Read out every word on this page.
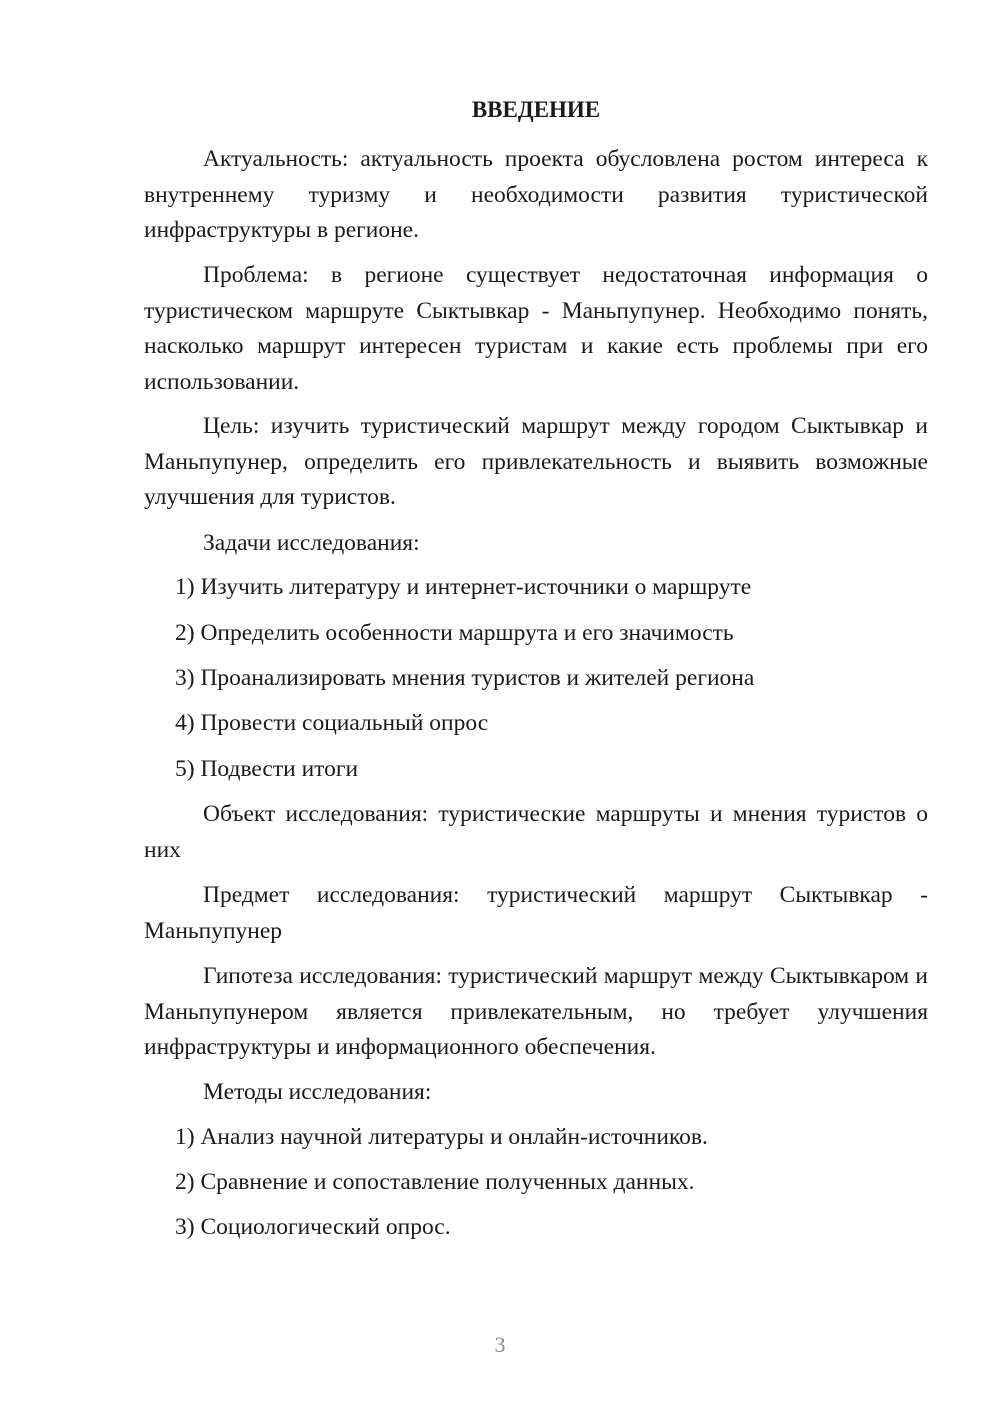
ВВЕДЕНИЕ

Актуальность: актуальность проекта обусловлена ростом интереса к внутреннему туризму и необходимости развития туристической инфраструктуры в регионе.

Проблема: в регионе существует недостаточная информация о туристическом маршруте Сыктывкар - Маньпупунер. Необходимо понять, насколько маршрут интересен туристам и какие есть проблемы при его использовании.

Цель: изучить туристический маршрут между городом Сыктывкар и Маньпупунер, определить его привлекательность и выявить возможные улучшения для туристов.

Задачи исследования:

1) Изучить литературу и интернет-источники о маршруте
2) Определить особенности маршрута и его значимость
3) Проанализировать мнения туристов и жителей региона
4) Провести социальный опрос
5) Подвести итоги

Объект исследования: туристические маршруты и мнения туристов о них

Предмет исследования: туристический маршрут Сыктывкар - Маньпупунер

Гипотеза исследования: туристический маршрут между Сыктывкаром и Маньпупунером является привлекательным, но требует улучшения инфраструктуры и информационного обеспечения.

Методы исследования:

1) Анализ научной литературы и онлайн-источников.
2) Сравнение и сопоставление полученных данных.
3) Социологический опрос.
3
